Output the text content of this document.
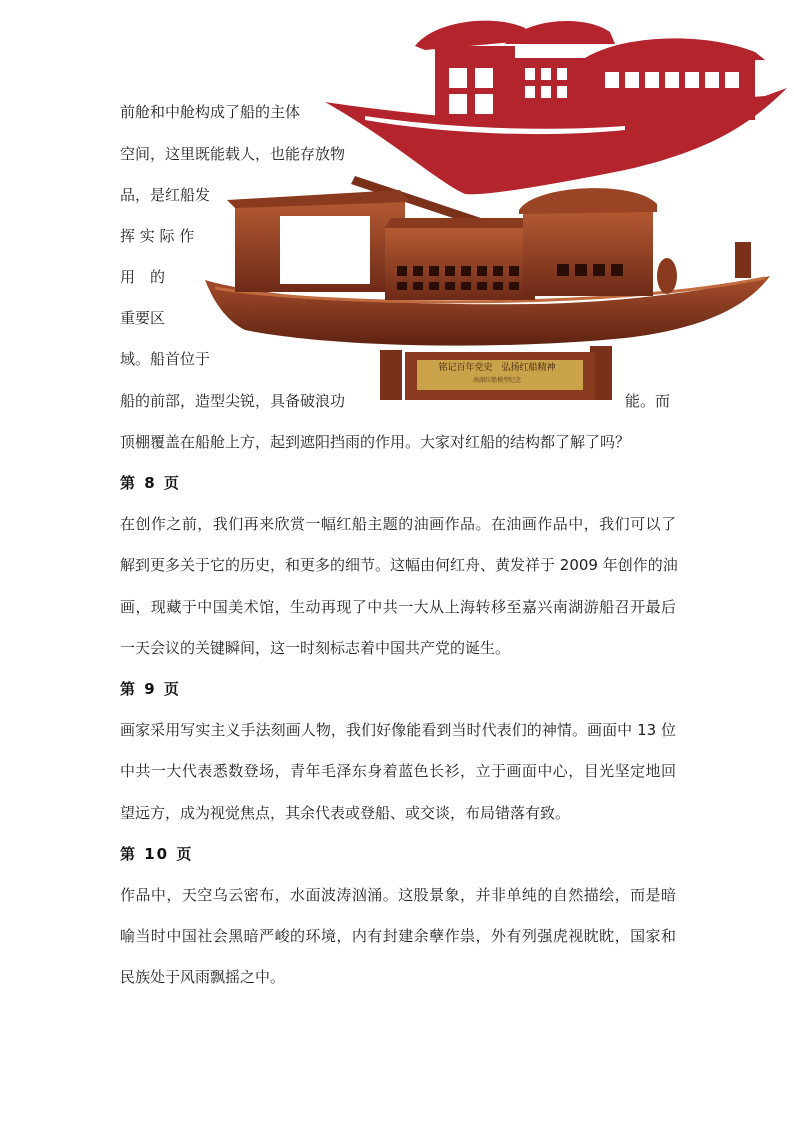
铭记百年党史　弘扬红船精神
南湖红船模型纪念
前舱和中舱构成了船的主体
空间，这里既能载人，也能存放物
品，是红船发
挥 实 际 作
用　的
重要区
域。船首位于
船的前部，造型尖锐，具备破浪功	能。而
顶棚覆盖在船舱上方，起到遮阳挡雨的作用。大家对红船的结构都了解了吗？
第 8 页
在创作之前，我们再来欣赏一幅红船主题的油画作品。在油画作品中，我们可以了
解到更多关于它的历史，和更多的细节。这幅由何红舟、黄发祥于 2009 年创作的油
画，现藏于中国美术馆，生动再现了中共一大从上海转移至嘉兴南湖游船召开最后
一天会议的关键瞬间，这一时刻标志着中国共产党的诞生。
第 9 页
画家采用写实主义手法刻画人物，我们好像能看到当时代表们的神情。画面中 13 位
中共一大代表悉数登场，青年毛泽东身着蓝色长衫，立于画面中心，目光坚定地回
望远方，成为视觉焦点，其余代表或登船、或交谈，布局错落有致。
第 10 页
作品中，天空乌云密布，水面波涛汹涌。这股景象，并非单纯的自然描绘，而是暗
喻当时中国社会黑暗严峻的环境，内有封建余孽作祟，外有列强虎视眈眈，国家和
民族处于风雨飘摇之中。
